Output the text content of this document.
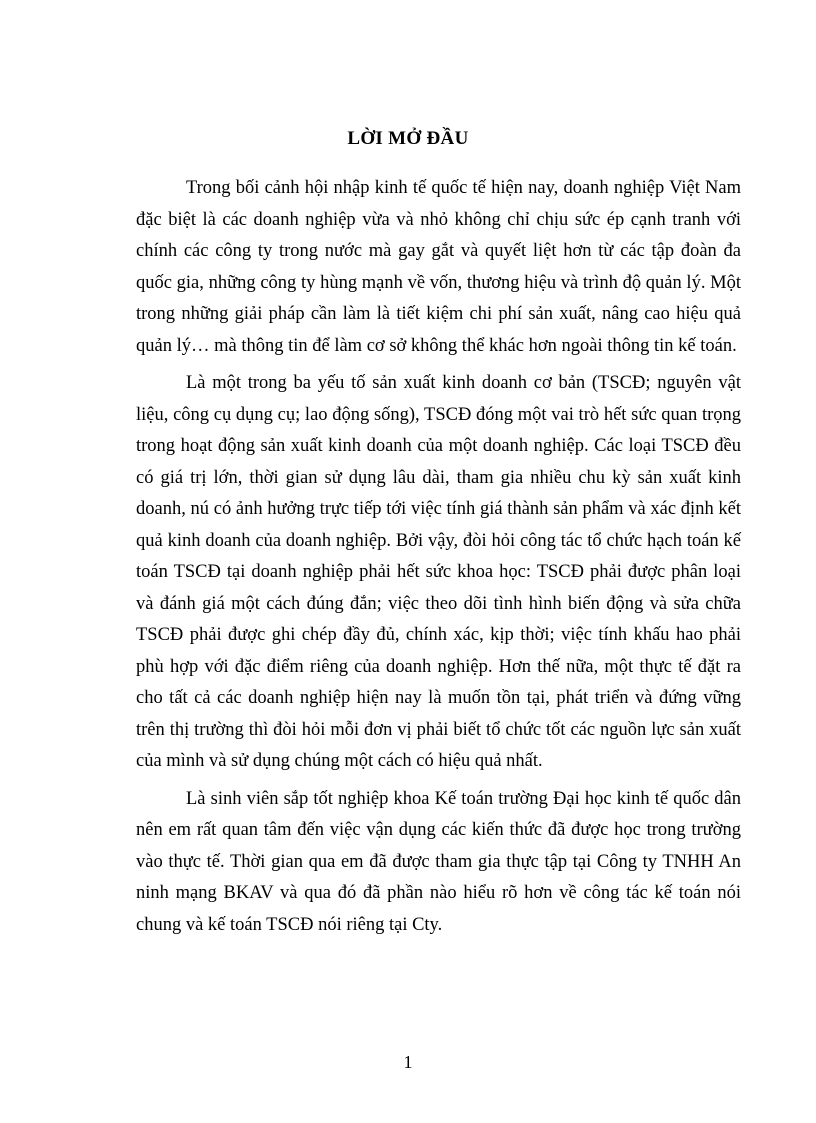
LỜI MỞ ĐẦU

Trong bối cảnh hội nhập kinh tế quốc tế hiện nay, doanh nghiệp Việt Nam đặc biệt là các doanh nghiệp vừa và nhỏ không chỉ chịu sức ép cạnh tranh với chính các công ty trong nước mà gay gắt và quyết liệt hơn từ các tập đoàn đa quốc gia, những công ty hùng mạnh về vốn, thương hiệu và trình độ quản lý. Một trong những giải pháp cần làm là tiết kiệm chi phí sản xuất, nâng cao hiệu quả quản lý… mà thông tin để làm cơ sở không thể khác hơn ngoài thông tin kế toán.

Là một trong ba yếu tố sản xuất kinh doanh cơ bản (TSCĐ; nguyên vật liệu, công cụ dụng cụ; lao động sống), TSCĐ đóng một vai trò hết sức quan trọng trong hoạt động sản xuất kinh doanh của một doanh nghiệp. Các loại TSCĐ đều có giá trị lớn, thời gian sử dụng lâu dài, tham gia nhiều chu kỳ sản xuất kinh doanh, nú có ảnh hưởng trực tiếp tới việc tính giá thành sản phẩm và xác định kết quả kinh doanh của doanh nghiệp. Bởi vậy, đòi hỏi công tác tổ chức hạch toán kế toán TSCĐ tại doanh nghiệp phải hết sức khoa học: TSCĐ phải được phân loại và đánh giá một cách đúng đắn; việc theo dõi tình hình biến động và sửa chữa TSCĐ phải được ghi chép đầy đủ, chính xác, kịp thời; việc tính khấu hao phải phù hợp với đặc điểm riêng của doanh nghiệp. Hơn thế nữa, một thực tế đặt ra cho tất cả các doanh nghiệp hiện nay là muốn tồn tại, phát triển và đứng vững trên thị trường thì đòi hỏi mỗi đơn vị phải biết tổ chức tốt các nguồn lực sản xuất của mình và sử dụng chúng một cách có hiệu quả nhất.

Là sinh viên sắp tốt nghiệp khoa Kế toán trường Đại học kinh tế quốc dân nên em rất quan tâm đến việc vận dụng các kiến thức đã được học trong trường vào thực tế. Thời gian qua em đã được tham gia thực tập tại Công ty TNHH An ninh mạng BKAV và qua đó đã phần nào hiểu rõ hơn về công tác kế toán nói chung và kế toán TSCĐ nói riêng tại Cty.

1
